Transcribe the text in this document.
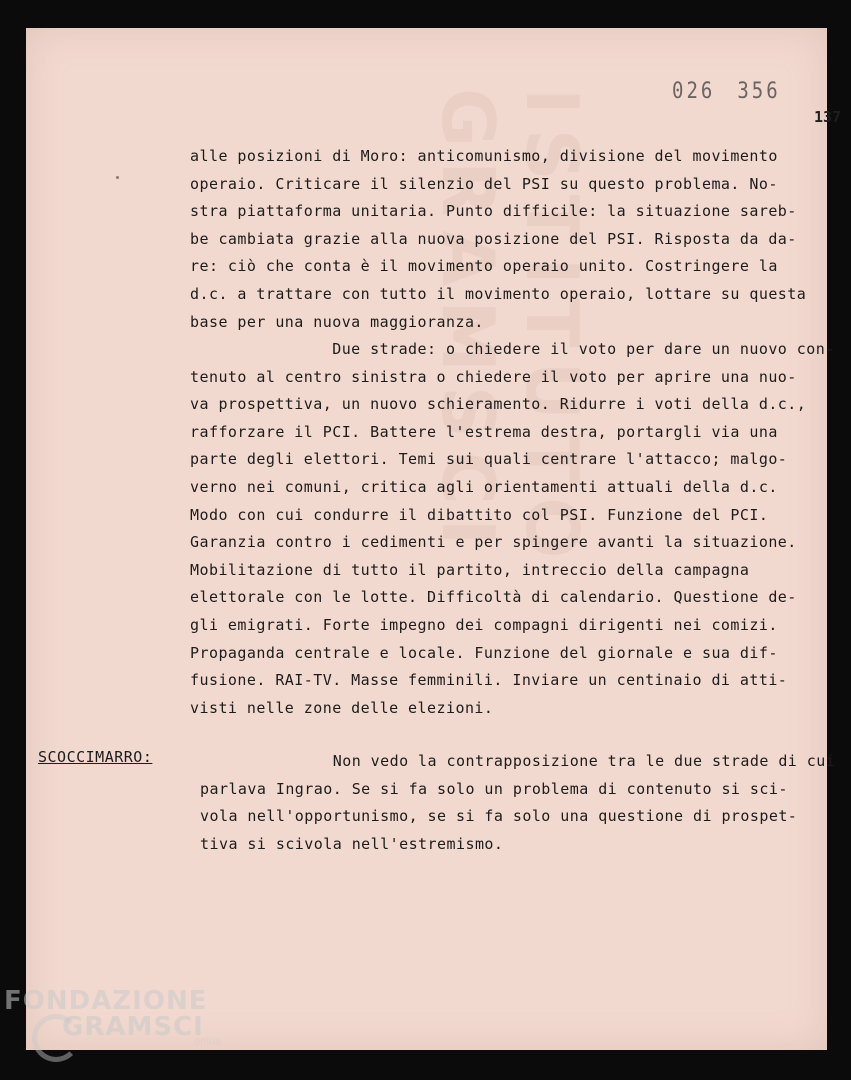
ISTITUTO GRAMSCI	026 356
137
alle posizioni di Moro: anticomunismo, divisione del movimento
operaio. Criticare il silenzio del PSI su questo problema. No-
stra piattaforma unitaria. Punto difficile: la situazione sareb-
be cambiata grazie alla nuova posizione del PSI. Risposta da da-
re: ciò che conta è il movimento operaio unito. Costringere la
d.c. a trattare con tutto il movimento operaio, lottare su questa
base per una nuova maggioranza.
Due strade: o chiedere il voto per dare un nuovo con-
tenuto al centro sinistra o chiedere il voto per aprire una nuo-
va prospettiva, un nuovo schieramento. Ridurre i voti della d.c.,
rafforzare il PCI. Battere l'estrema destra, portargli via una
parte degli elettori. Temi sui quali centrare l'attacco; malgo-
verno nei comuni, critica agli orientamenti attuali della d.c.
Modo con cui condurre il dibattito col PSI. Funzione del PCI.
Garanzia contro i cedimenti e per spingere avanti la situazione.
Mobilitazione di tutto il partito, intreccio della campagna
elettorale con le lotte. Difficoltà di calendario. Questione de-
gli emigrati. Forte impegno dei compagni dirigenti nei comizi.
Propaganda centrale e locale. Funzione del giornale e sua dif-
fusione. RAI-TV. Masse femminili. Inviare un centinaio di atti-
visti nelle zone delle elezioni.
SCOCCIMARRO:	Non vedo la contrapposizione tra le due strade di cui
parlava Ingrao. Se si fa solo un problema di contenuto si sci-
vola nell'opportunismo, se si fa solo una questione di prospet-
tiva si scivola nell'estremismo.
FONDAZIONE
GRAMSCI
onlus
